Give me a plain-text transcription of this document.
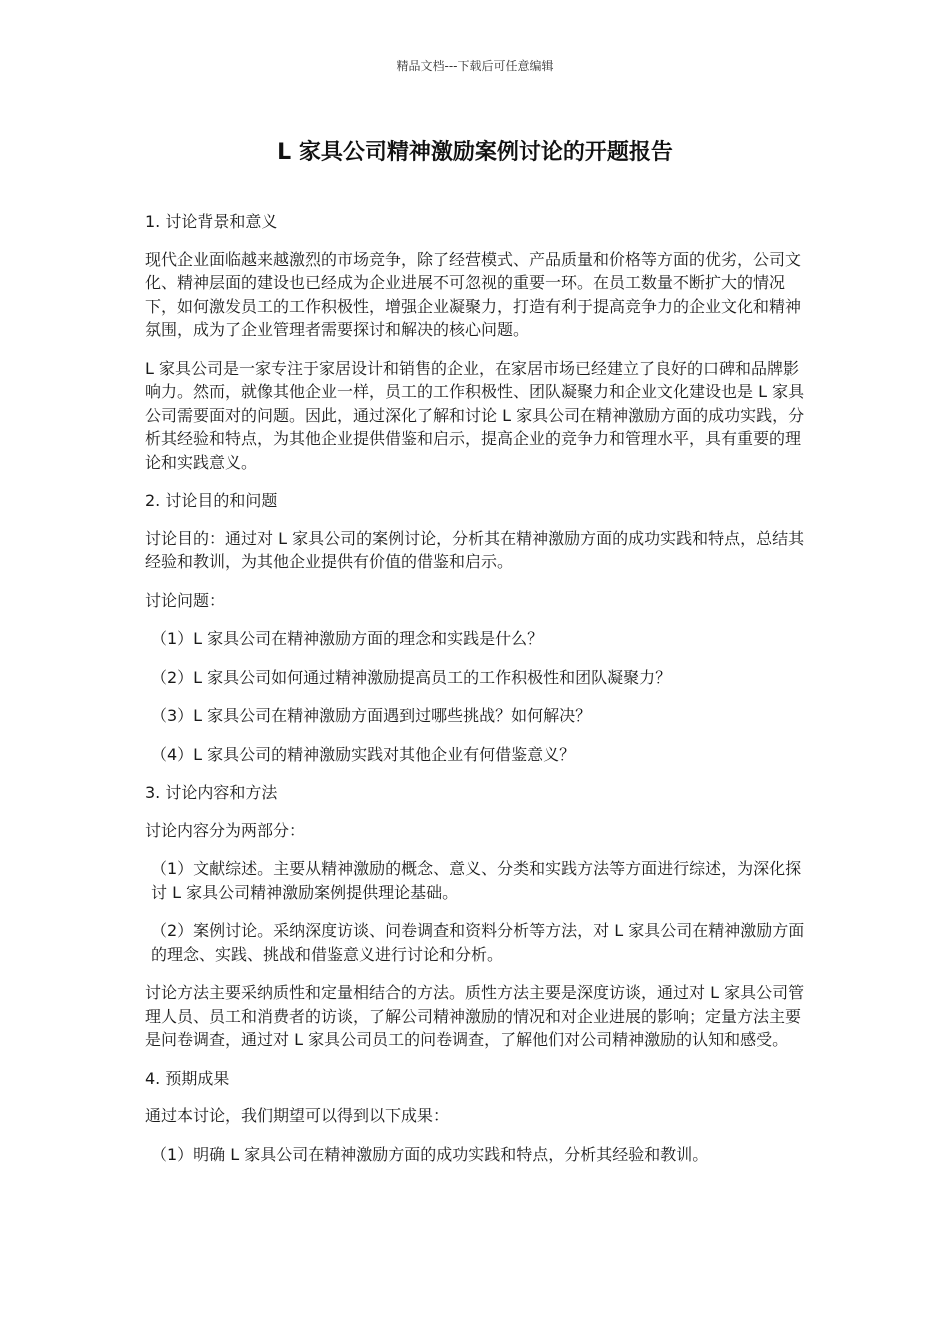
精品文档---下载后可任意编辑
L 家具公司精神激励案例讨论的开题报告

1. 讨论背景和意义

现代企业面临越来越激烈的市场竞争，除了经营模式、产品质量和价格等方面的优劣，公司文化、精神层面的建设也已经成为企业进展不可忽视的重要一环。在员工数量不断扩大的情况下，如何激发员工的工作积极性，增强企业凝聚力，打造有利于提高竞争力的企业文化和精神氛围，成为了企业管理者需要探讨和解决的核心问题。

L 家具公司是一家专注于家居设计和销售的企业，在家居市场已经建立了良好的口碑和品牌影响力。然而，就像其他企业一样，员工的工作积极性、团队凝聚力和企业文化建设也是 L 家具公司需要面对的问题。因此，通过深化了解和讨论 L 家具公司在精神激励方面的成功实践，分析其经验和特点，为其他企业提供借鉴和启示，提高企业的竞争力和管理水平，具有重要的理论和实践意义。

2. 讨论目的和问题

讨论目的：通过对 L 家具公司的案例讨论，分析其在精神激励方面的成功实践和特点，总结其经验和教训，为其他企业提供有价值的借鉴和启示。

讨论问题：

（1）L 家具公司在精神激励方面的理念和实践是什么？

（2）L 家具公司如何通过精神激励提高员工的工作积极性和团队凝聚力？

（3）L 家具公司在精神激励方面遇到过哪些挑战？如何解决？

（4）L 家具公司的精神激励实践对其他企业有何借鉴意义？

3. 讨论内容和方法

讨论内容分为两部分：

（1）文献综述。主要从精神激励的概念、意义、分类和实践方法等方面进行综述，为深化探讨 L 家具公司精神激励案例提供理论基础。

（2）案例讨论。采纳深度访谈、问卷调查和资料分析等方法，对 L 家具公司在精神激励方面的理念、实践、挑战和借鉴意义进行讨论和分析。

讨论方法主要采纳质性和定量相结合的方法。质性方法主要是深度访谈，通过对 L 家具公司管理人员、员工和消费者的访谈，了解公司精神激励的情况和对企业进展的影响；定量方法主要是问卷调查，通过对 L 家具公司员工的问卷调查，了解他们对公司精神激励的认知和感受。

4. 预期成果

通过本讨论，我们期望可以得到以下成果：

（1）明确 L 家具公司在精神激励方面的成功实践和特点，分析其经验和教训。
